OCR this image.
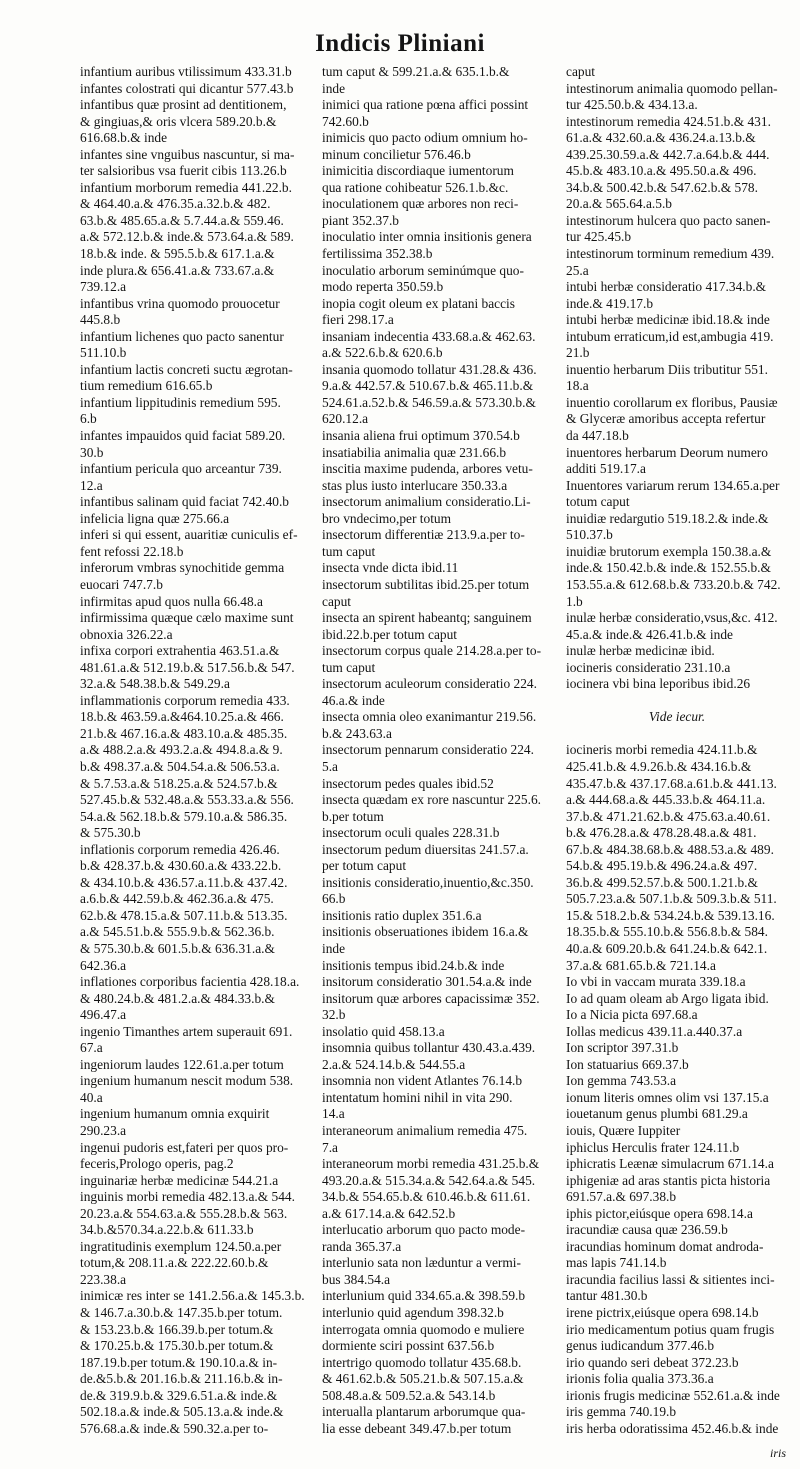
Indicis Pliniani
infantium auribus vtilissimum 433.31.b
infantes colostrati qui dicantur 577.43.b
infantibus quæ prosint ad dentitionem,
& gingiuas,& oris vlcera 589.20.b.&
616.68.b.& inde
infantes sine vnguibus nascuntur, si ma-
ter salsioribus vsa fuerit cibis 113.26.b
infantium morborum remedia 441.22.b.
& 464.40.a.& 476.35.a.32.b.& 482.
63.b.& 485.65.a.& 5.7.44.a.& 559.46.
a.& 572.12.b.& inde.& 573.64.a.& 589.
18.b.& inde. & 595.5.b.& 617.1.a.&
inde plura.& 656.41.a.& 733.67.a.&
739.12.a
infantibus vrina quomodo prouocetur
445.8.b
infantium lichenes quo pacto sanentur
511.10.b
infantium lactis concreti suctu ægrotan-
tium remedium 616.65.b
infantium lippitudinis remedium 595.
6.b
infantes impauidos quid faciat 589.20.
30.b
infantium pericula quo arceantur 739.
12.a
infantibus salinam quid faciat 742.40.b
infelicia ligna quæ 275.66.a
inferi si qui essent, auaritiæ cuniculis ef-
fent refossi 22.18.b
inferorum vmbras synochitide gemma
euocari 747.7.b
infirmitas apud quos nulla 66.48.a
infirmissima quæque cælo maxime sunt
obnoxia 326.22.a
infixa corpori extrahentia 463.51.a.&
481.61.a.& 512.19.b.& 517.56.b.& 547.
32.a.& 548.38.b.& 549.29.a
inflammationis corporum remedia 433.
18.b.& 463.59.a.&464.10.25.a.& 466.
21.b.& 467.16.a.& 483.10.a.& 485.35.
a.& 488.2.a.& 493.2.a.& 494.8.a.& 9.
b.& 498.37.a.& 504.54.a.& 506.53.a.
& 5.7.53.a.& 518.25.a.& 524.57.b.&
527.45.b.& 532.48.a.& 553.33.a.& 556.
54.a.& 562.18.b.& 579.10.a.& 586.35.
& 575.30.b
inflationis corporum remedia 426.46.
b.& 428.37.b.& 430.60.a.& 433.22.b.
& 434.10.b.& 436.57.a.11.b.& 437.42.
a.6.b.& 442.59.b.& 462.36.a.& 475.
62.b.& 478.15.a.& 507.11.b.& 513.35.
a.& 545.51.b.& 555.9.b.& 562.36.b.
& 575.30.b.& 601.5.b.& 636.31.a.&
642.36.a
inflationes corporibus facientia 428.18.a.
& 480.24.b.& 481.2.a.& 484.33.b.&
496.47.a
ingenio Timanthes artem superauit 691.
67.a
ingeniorum laudes 122.61.a.per totum
ingenium humanum nescit modum 538.
40.a
ingenium humanum omnia exquirit
290.23.a
ingenui pudoris est,fateri per quos pro-
feceris,Prologo operis, pag.2
inguinariæ herbæ medicinæ 544.21.a
inguinis morbi remedia 482.13.a.& 544.
20.23.a.& 554.63.a.& 555.28.b.& 563.
34.b.&570.34.a.22.b.& 611.33.b
ingratitudinis exemplum 124.50.a.per
totum,& 208.11.a.& 222.22.60.b.&
223.38.a
inimicæ res inter se 141.2.56.a.& 145.3.b.
& 146.7.a.30.b.& 147.35.b.per totum.
& 153.23.b.& 166.39.b.per totum.&
& 170.25.b.& 175.30.b.per totum.&
187.19.b.per totum.& 190.10.a.& in-
de.&5.b.& 201.16.b.& 211.16.b.& in-
de.& 319.9.b.& 329.6.51.a.& inde.&
502.18.a.& inde.& 505.13.a.& inde.&
576.68.a.& inde.& 590.32.a.per to-
tum caput & 599.21.a.& 635.1.b.&
inde
inimici qua ratione pœna affici possint
742.60.b
inimicis quo pacto odium omnium ho-
minum concilietur 576.46.b
inimicitia discordiaque iumentorum
qua ratione cohibeatur 526.1.b.&c.
inoculationem quæ arbores non reci-
piant 352.37.b
inoculatio inter omnia insitionis genera
fertilissima 352.38.b
inoculatio arborum seminúmque quo-
modo reperta 350.59.b
inopia cogit oleum ex platani baccis
fieri 298.17.a
insaniam indecentia 433.68.a.& 462.63.
a.& 522.6.b.& 620.6.b
insania quomodo tollatur 431.28.& 436.
9.a.& 442.57.& 510.67.b.& 465.11.b.&
524.61.a.52.b.& 546.59.a.& 573.30.b.&
620.12.a
insania aliena frui optimum 370.54.b
insatiabilia animalia quæ 231.66.b
inscitia maxime pudenda, arbores vetu-
stas plus iusto interlucare 350.33.a
insectorum animalium consideratio.Li-
bro vndecimo,per totum
insectorum differentiæ 213.9.a.per to-
tum caput
insecta vnde dicta ibid.11
insectorum subtilitas ibid.25.per totum
caput
insecta an spirent habeantq; sanguinem
ibid.22.b.per totum caput
insectorum corpus quale 214.28.a.per to-
tum caput
insectorum aculeorum consideratio 224.
46.a.& inde
insecta omnia oleo exanimantur 219.56.
b.& 243.63.a
insectorum pennarum consideratio 224.
5.a
insectorum pedes quales ibid.52
insecta quædam ex rore nascuntur 225.6.
b.per totum
insectorum oculi quales 228.31.b
insectorum pedum diuersitas 241.57.a.
per totum caput
insitionis consideratio,inuentio,&c.350.
66.b
insitionis ratio duplex 351.6.a
insitionis obseruationes ibidem 16.a.&
inde
insitionis tempus ibid.24.b.& inde
insitorum consideratio 301.54.a.& inde
insitorum quæ arbores capacissimæ 352.
32.b
insolatio quid 458.13.a
insomnia quibus tollantur 430.43.a.439.
2.a.& 524.14.b.& 544.55.a
insomnia non vident Atlantes 76.14.b
intentatum homini nihil in vita 290.
14.a
interaneorum animalium remedia 475.
7.a
interaneorum morbi remedia 431.25.b.&
493.20.a.& 515.34.a.& 542.64.a.& 545.
34.b.& 554.65.b.& 610.46.b.& 611.61.
a.& 617.14.a.& 642.52.b
interlucatio arborum quo pacto mode-
randa 365.37.a
interlunio sata non læduntur a vermi-
bus 384.54.a
interlunium quid 334.65.a.& 398.59.b
interlunio quid agendum 398.32.b
interrogata omnia quomodo e muliere
dormiente sciri possint 637.56.b
intertrigo quomodo tollatur 435.68.b.
& 461.62.b.& 505.21.b.& 507.15.a.&
508.48.a.& 509.52.a.& 543.14.b
interualla plantarum arborumque qua-
lia esse debeant 349.47.b.per totum
caput
intestinorum animalia quomodo pellan-
tur 425.50.b.& 434.13.a.
intestinorum remedia 424.51.b.& 431.
61.a.& 432.60.a.& 436.24.a.13.b.&
439.25.30.59.a.& 442.7.a.64.b.& 444.
45.b.& 483.10.a.& 495.50.a.& 496.
34.b.& 500.42.b.& 547.62.b.& 578.
20.a.& 565.64.a.5.b
intestinorum hulcera quo pacto sanen-
tur 425.45.b
intestinorum torminum remedium 439.
25.a
intubi herbæ consideratio 417.34.b.&
inde.& 419.17.b
intubi herbæ medicinæ ibid.18.& inde
intubum erraticum,id est,ambugia 419.
21.b
inuentio herbarum Diis tributitur 551.
18.a
inuentio corollarum ex floribus, Pausiæ
& Glyceræ amoribus accepta refertur
da 447.18.b
inuentores herbarum Deorum numero
additi 519.17.a
Inuentores variarum rerum 134.65.a.per
totum caput
inuidiæ redargutio 519.18.2.& inde.&
510.37.b
inuidiæ brutorum exempla 150.38.a.&
inde.& 150.42.b.& inde.& 152.55.b.&
153.55.a.& 612.68.b.& 733.20.b.& 742.
1.b
inulæ herbæ consideratio,vsus,&c. 412.
45.a.& inde.& 426.41.b.& inde
inulæ herbæ medicinæ ibid.
iocineris consideratio 231.10.a
iocinera vbi bina leporibus ibid.26
Vide iecur.
iocineris morbi remedia 424.11.b.&
425.41.b.& 4.9.26.b.& 434.16.b.&
435.47.b.& 437.17.68.a.61.b.& 441.13.
a.& 444.68.a.& 445.33.b.& 464.11.a.
37.b.& 471.21.62.b.& 475.63.a.40.61.
b.& 476.28.a.& 478.28.48.a.& 481.
67.b.& 484.38.68.b.& 488.53.a.& 489.
54.b.& 495.19.b.& 496.24.a.& 497.
36.b.& 499.52.57.b.& 500.1.21.b.&
505.7.23.a.& 507.1.b.& 509.3.b.& 511.
15.& 518.2.b.& 534.24.b.& 539.13.16.
18.35.b.& 555.10.b.& 556.8.b.& 584.
40.a.& 609.20.b.& 641.24.b.& 642.1.
37.a.& 681.65.b.& 721.14.a
Io vbi in vaccam murata 339.18.a
Io ad quam oleam ab Argo ligata ibid.
Io a Nicia picta 697.68.a
Iollas medicus 439.11.a.440.37.a
Ion scriptor 397.31.b
Ion statuarius 669.37.b
Ion gemma 743.53.a
ionum literis omnes olim vsi 137.15.a
iouetanum genus plumbi 681.29.a
iouis, Quære Iuppiter
iphiclus Herculis frater 124.11.b
iphicratis Leænæ simulacrum 671.14.a
iphigeniæ ad aras stantis picta historia
691.57.a.& 697.38.b
iphis pictor,eiúsque opera 698.14.a
iracundiæ causa quæ 236.59.b
iracundias hominum domat androda-
mas lapis 741.14.b
iracundia facilius lassi & sitientes inci-
tantur 481.30.b
irene pictrix,eiúsque opera 698.14.b
irio medicamentum potius quam frugis
genus iudicandum 377.46.b
irio quando seri debeat 372.23.b
irionis folia qualia 373.36.a
irionis frugis medicinæ 552.61.a.& inde
iris gemma 740.19.b
iris herba odoratissima 452.46.b.& inde
iris
